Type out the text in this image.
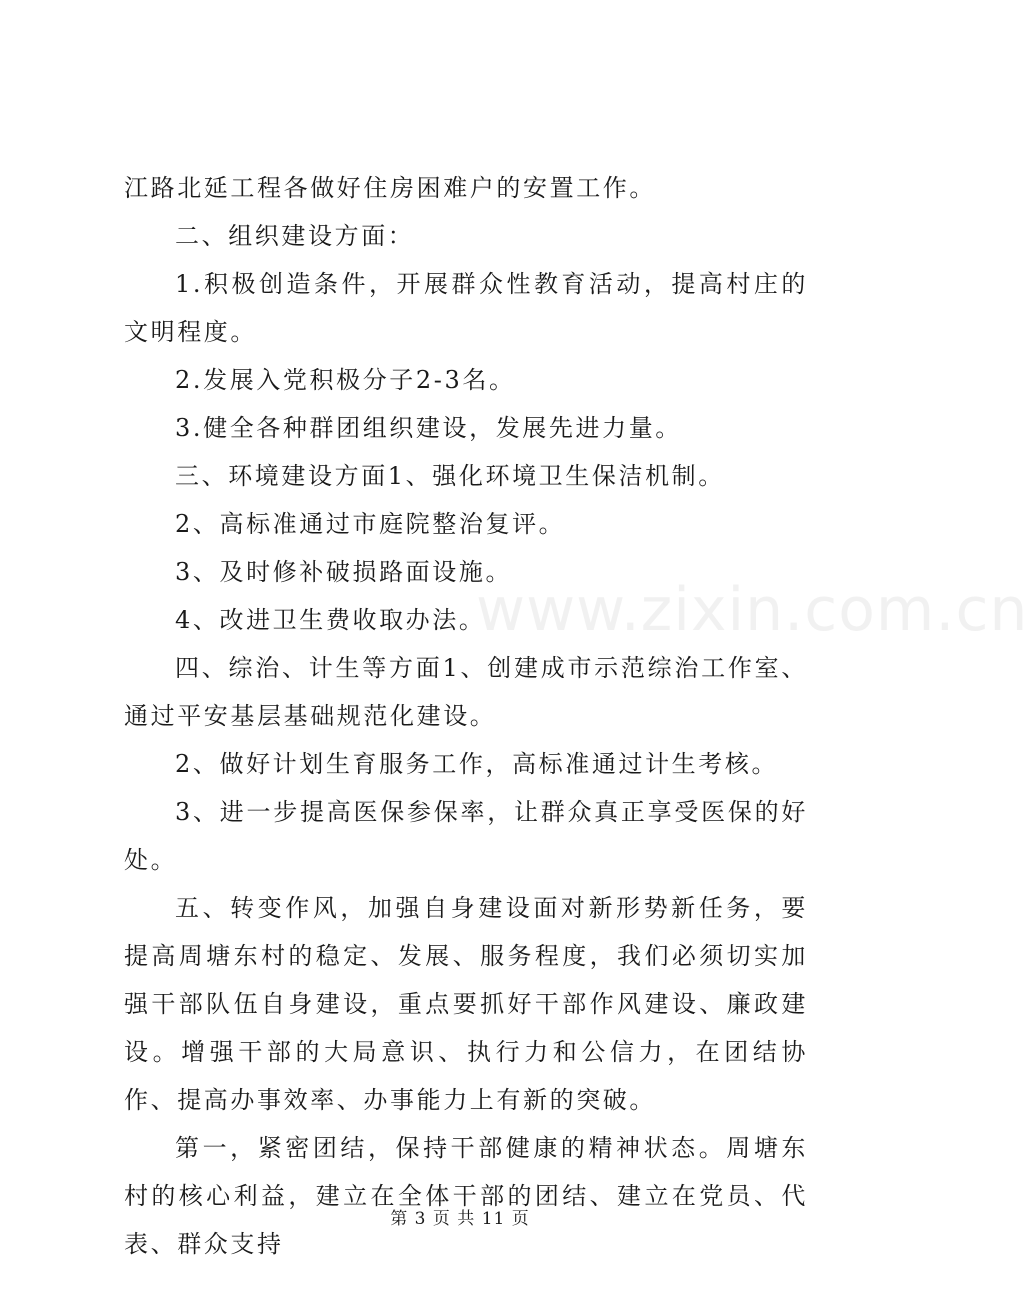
江路北延工程各做好住房困难户的安置工作。

二、组织建设方面：

1.积极创造条件，开展群众性教育活动，提高村庄的文明程度。

2.发展入党积极分子2-3名。

3.健全各种群团组织建设，发展先进力量。

三、环境建设方面1、强化环境卫生保洁机制。

2、高标准通过市庭院整治复评。

3、及时修补破损路面设施。

4、改进卫生费收取办法。

四、综治、计生等方面1、创建成市示范综治工作室、通过平安基层基础规范化建设。

2、做好计划生育服务工作，高标准通过计生考核。

3、进一步提高医保参保率，让群众真正享受医保的好处。

五、转变作风，加强自身建设面对新形势新任务，要提高周塘东村的稳定、发展、服务程度，我们必须切实加强干部队伍自身建设，重点要抓好干部作风建设、廉政建设。增强干部的大局意识、执行力和公信力，在团结协作、提高办事效率、办事能力上有新的突破。

第一，紧密团结，保持干部健康的精神状态。周塘东村的核心利益，建立在全体干部的团结、建立在党员、代表、群众支持

www.zixin.com.cn
第 3 页 共 11 页
